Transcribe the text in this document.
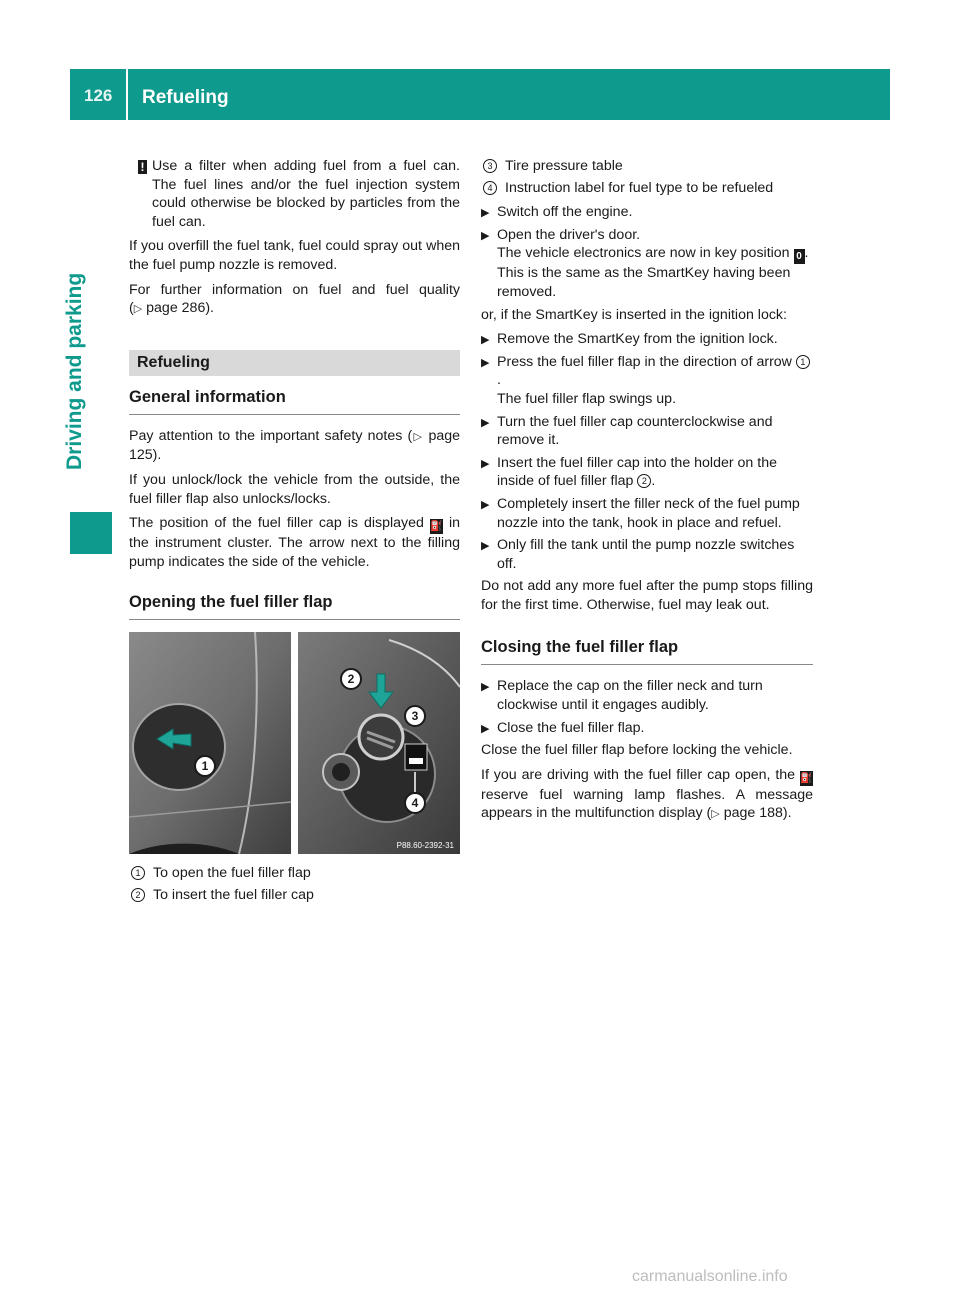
126 Refueling
Driving and parking
! Use a filter when adding fuel from a fuel can. The fuel lines and/or the fuel injection system could otherwise be blocked by particles from the fuel can.

If you overfill the fuel tank, fuel could spray out when the fuel pump nozzle is removed.

For further information on fuel and fuel quality (▷ page 286).

Refueling
General information

Pay attention to the important safety notes (▷ page 125).

If you unlock/lock the vehicle from the outside, the fuel filler flap also unlocks/locks.

The position of the fuel filler cap is displayed ⛽ in the instrument cluster. The arrow next to the filling pump indicates the side of the vehicle.

Opening the fuel filler flap
1
2
3
4
P88.60-2392-31
1 To open the fuel filler flap
2 To insert the fuel filler cap
3 Tire pressure table
4 Instruction label for fuel type to be refueled
▶ Switch off the engine.
▶ Open the driver's door.
The vehicle electronics are now in key position 0 . This is the same as the SmartKey having been removed.

or, if the SmartKey is inserted in the ignition lock:

▶ Remove the SmartKey from the ignition lock.
▶ Press the fuel filler flap in the direction of arrow 1.
The fuel filler flap swings up.
▶ Turn the fuel filler cap counterclockwise and remove it.
▶ Insert the fuel filler cap into the holder on the inside of fuel filler flap 2 .
▶ Completely insert the filler neck of the fuel pump nozzle into the tank, hook in place and refuel.
▶ Only fill the tank until the pump nozzle switches off.

Do not add any more fuel after the pump stops filling for the first time. Otherwise, fuel may leak out.

Closing the fuel filler flap
▶ Replace the cap on the filler neck and turn clockwise until it engages audibly.
▶ Close the fuel filler flap.

Close the fuel filler flap before locking the vehicle.

If you are driving with the fuel filler cap open, the ⛽ reserve fuel warning lamp flashes. A message appears in the multifunction display (▷ page 188).

carmanualsonline.info
